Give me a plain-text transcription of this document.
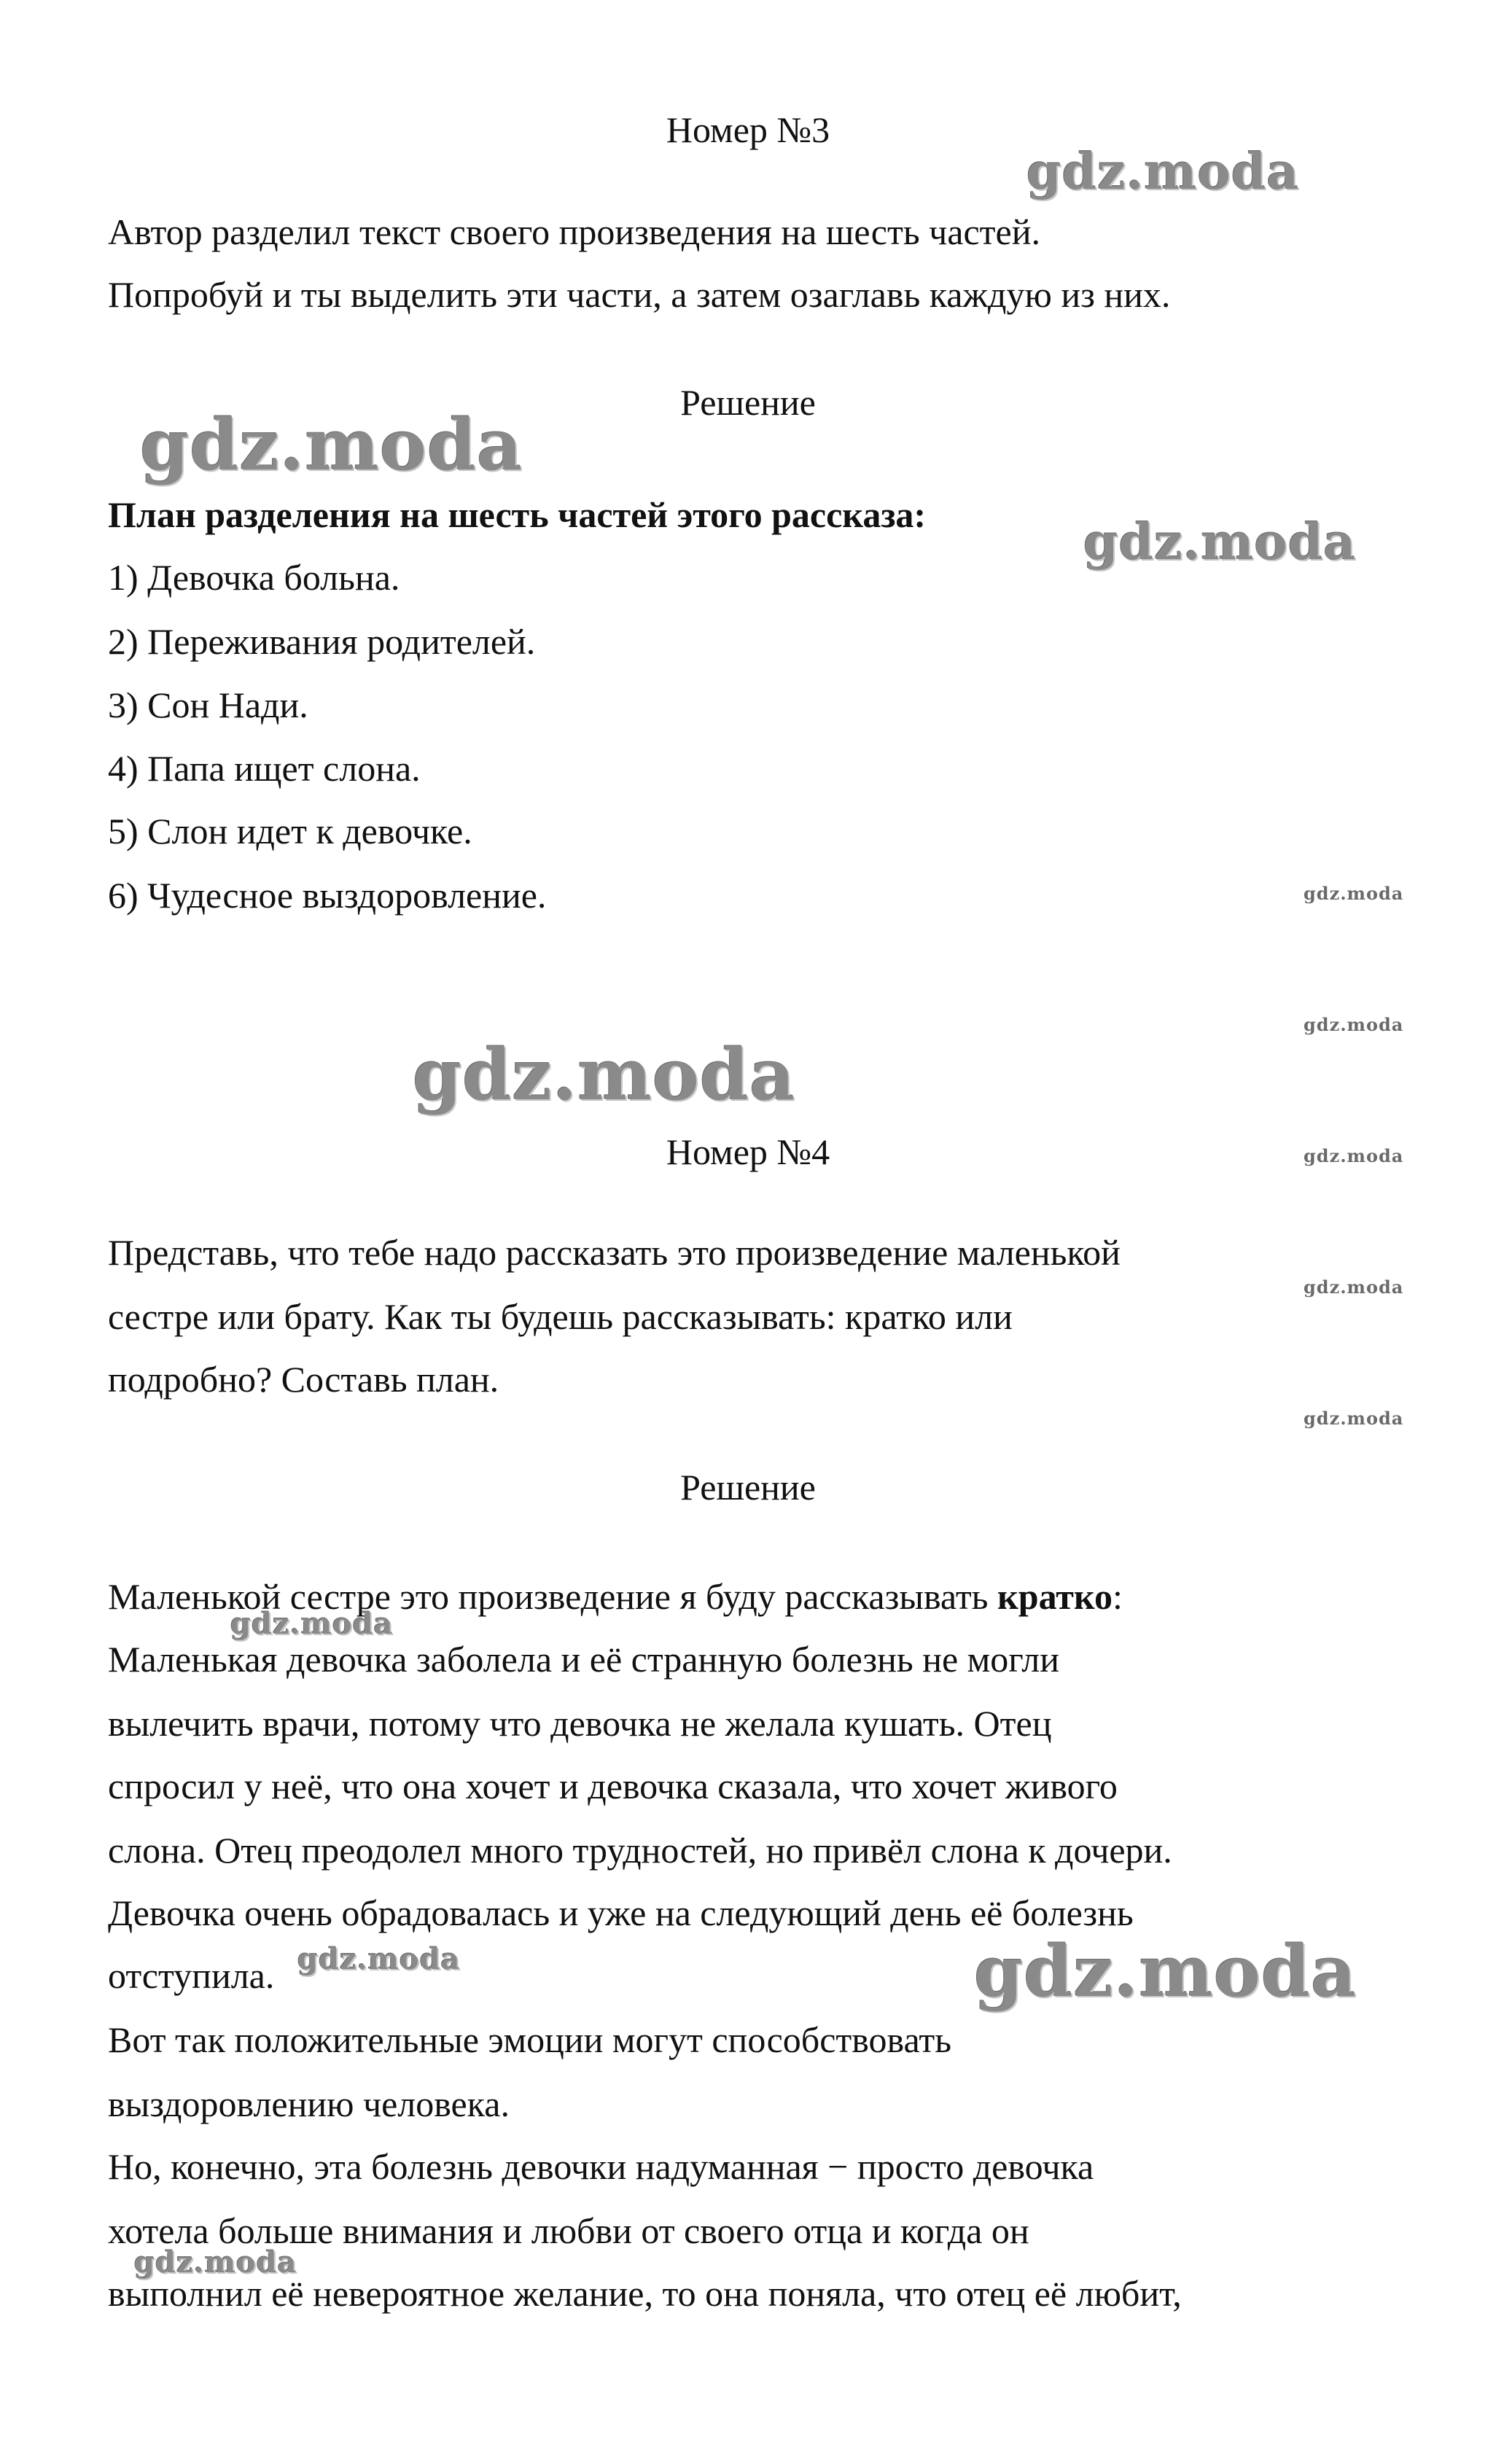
Номер №3
Автор разделил текст своего произведения на шесть частей.
Попробуй и ты выделить эти части, а затем озаглавь каждую из них.
Решение
План разделения на шесть частей этого рассказа:
1) Девочка больна.
2) Переживания родителей.
3) Сон Нади.
4) Папа ищет слона.
5) Слон идет к девочке.
6) Чудесное выздоровление.
Номер №4
Представь, что тебе надо рассказать это произведение маленькой
сестре или брату. Как ты будешь рассказывать: кратко или
подробно? Составь план.
Решение
Маленькой сестре это произведение я буду рассказывать кратко:
Маленькая девочка заболела и её странную болезнь не могли
вылечить врачи, потому что девочка не желала кушать. Отец
спросил у неё, что она хочет и девочка сказала, что хочет живого
слона. Отец преодолел много трудностей, но привёл слона к дочери.
Девочка очень обрадовалась и уже на следующий день её болезнь
отступила.
Вот так положительные эмоции могут способствовать
выздоровлению человека.
Но, конечно, эта болезнь девочки надуманная − просто девочка
хотела больше внимания и любви от своего отца и когда он
выполнил её невероятное желание, то она поняла, что отец её любит,
gdz.moda
gdz.moda
gdz.moda
gdz.moda
gdz.moda
gdz.moda
gdz.moda
gdz.moda
gdz.moda
gdz.moda
gdz.moda	gdz.moda
gdz.moda
